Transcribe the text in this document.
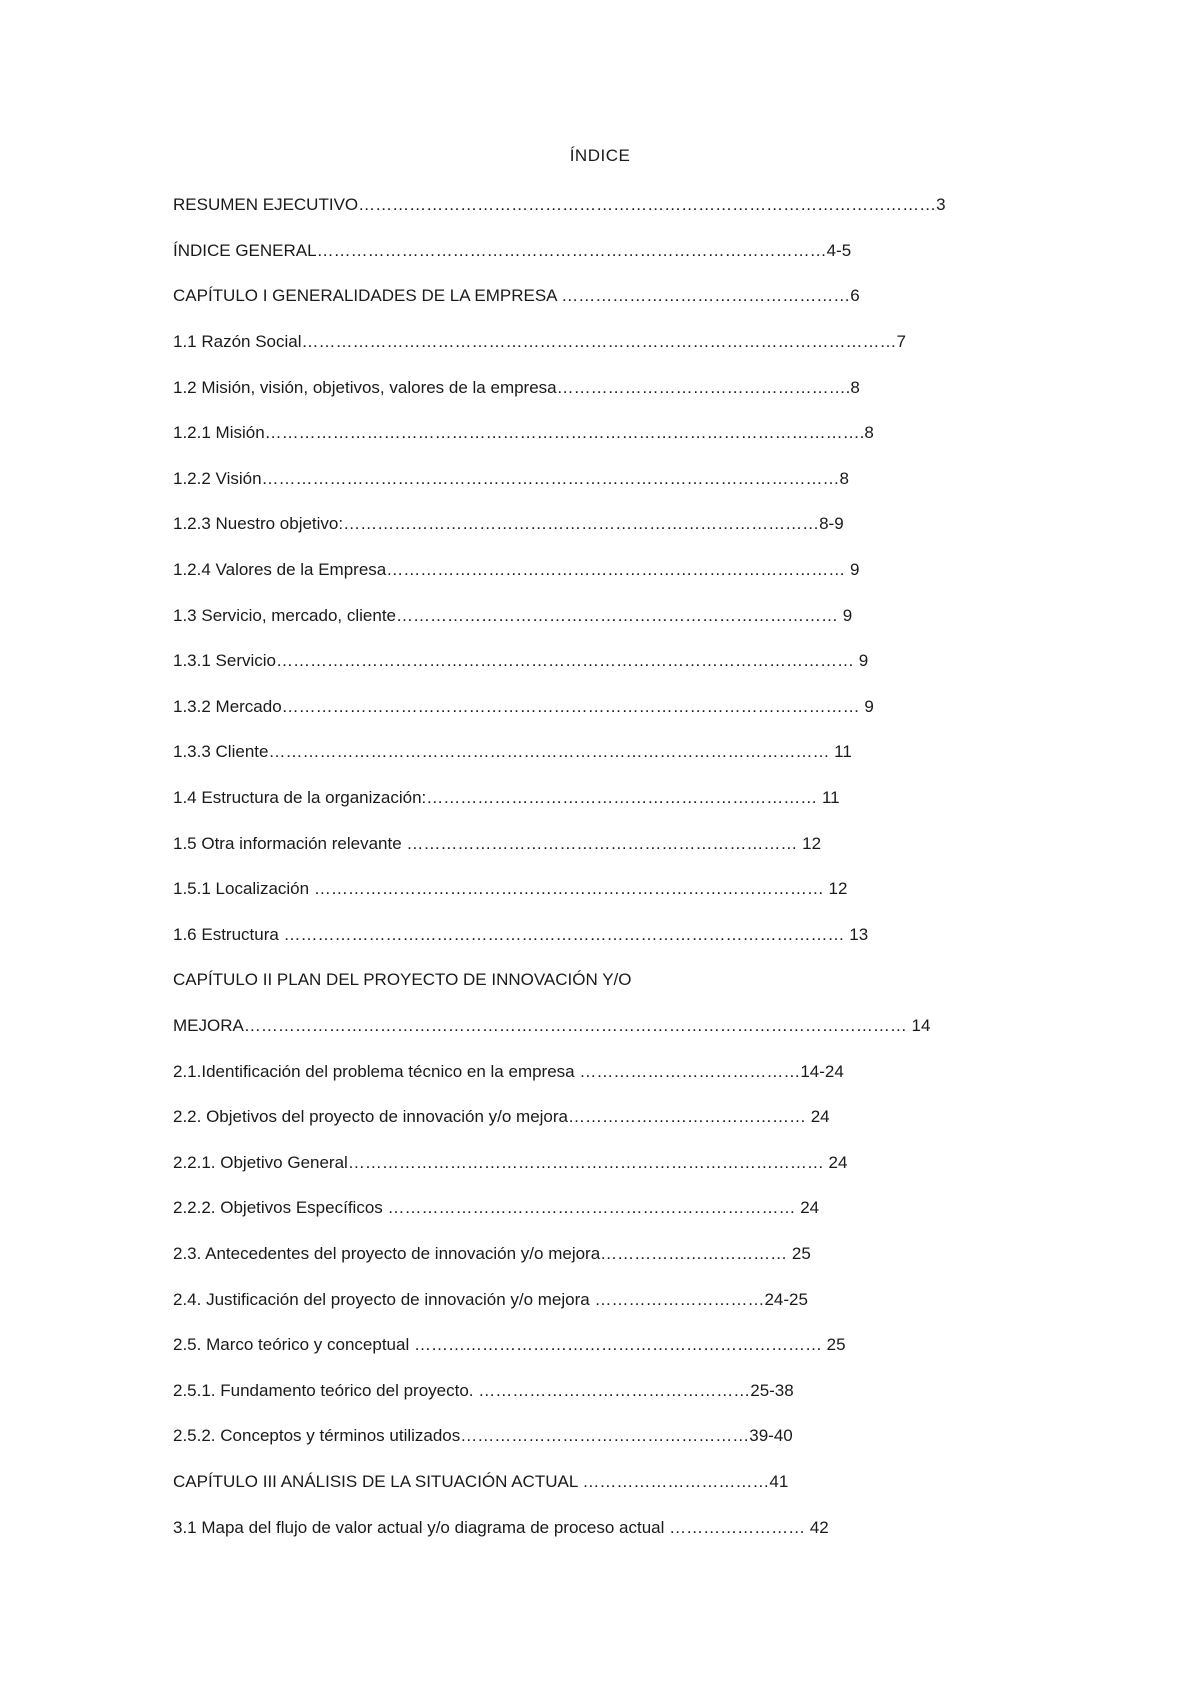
ÍNDICE

RESUMEN EJECUTIVO…………………………………………………………………………………………3

ÍNDICE GENERAL………………………………………………………………………………4-5

CAPÍTULO I GENERALIDADES DE LA EMPRESA ……………………………………………6

1.1 Razón Social……………………………………………………………………………………………7

1.2 Misión, visión, objetivos, valores de la empresa…………………………………………….8

1.2.1 Misión…………………………………………………………………………………………….8

1.2.2 Visión…………………………………………………………………………………………8

1.2.3 Nuestro objetivo:…………………………………………………………………………8-9

1.2.4 Valores de la Empresa……………………………………………………………………… 9

1.3 Servicio, mercado, cliente…………………………………………………………………… 9

1.3.1 Servicio………………………………………………………………………………………… 9

1.3.2 Mercado………………………………………………………………………………………… 9

1.3.3 Cliente……………………………………………………………………………………… 11

1.4 Estructura de la organización:…………………………………………………………… 11

1.5 Otra información relevante …………………………………………………………… 12

1.5.1 Localización ……………………………………………………………………………… 12

1.6 Estructura ……………………………………………………………………………………… 13

CAPÍTULO II PLAN DEL PROYECTO DE INNOVACIÓN Y/O

MEJORA……………………………………………………………………………………………………… 14

2.1.Identificación del problema técnico en la empresa …………………………………14-24

2.2. Objetivos del proyecto de innovación y/o mejora…………………………………… 24

2.2.1. Objetivo General………………………………………………………………………… 24

2.2.2. Objetivos Específicos ……………………………………………………………… 24

2.3. Antecedentes del proyecto de innovación y/o mejora…………………………… 25

2.4. Justificación del proyecto de innovación y/o mejora …………………………24-25

2.5. Marco teórico y conceptual ……………………………………………………………… 25

2.5.1. Fundamento teórico del proyecto. …………………………………………25-38

2.5.2. Conceptos y términos utilizados……………………………………………39-40

CAPÍTULO III ANÁLISIS DE LA SITUACIÓN ACTUAL ……………………………41

3.1 Mapa del flujo de valor actual y/o diagrama de proceso actual …………………… 42
